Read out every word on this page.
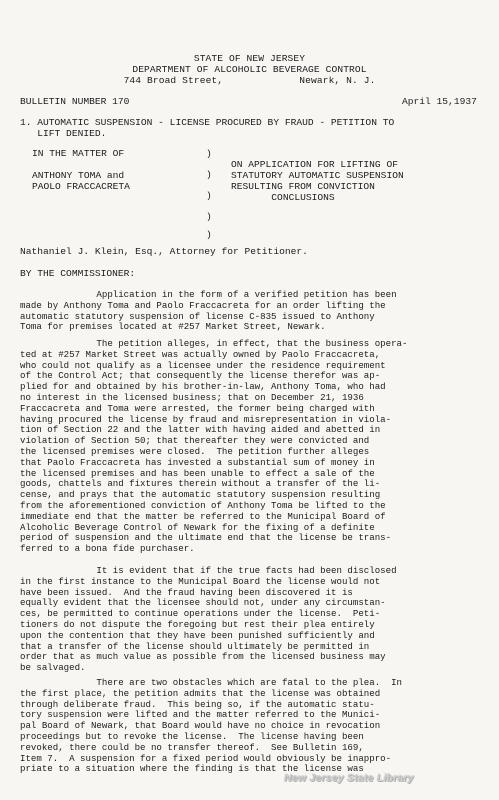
STATE OF NEW JERSEY
DEPARTMENT OF ALCOHOLIC BEVERAGE CONTROL
744 Broad Street,             Newark, N. J.
BULLETIN NUMBER 170	April 15,1937
1. AUTOMATIC SUSPENSION - LICENSE PROCURED BY FRAUD - PETITION TO
LIFT DENIED.
IN THE MATTER OF
ANTHONY TOMA and
PAOLO FRACCACRETA
)
)
)
)
)
ON APPLICATION FOR LIFTING OF
STATUTORY AUTOMATIC SUSPENSION
RESULTING FROM CONVICTION
CONCLUSIONS
Nathaniel J. Klein, Esq., Attorney for Petitioner.
BY THE COMMISSIONER:
Application in the form of a verified petition has been
made by Anthony Toma and Paolo Fraccacreta for an order lifting the
automatic statutory suspension of license C-835 issued to Anthony
Toma for premises located at #257 Market Street, Newark.
The petition alleges, in effect, that the business opera-
ted at #257 Market Street was actually owned by Paolo Fraccacreta,
who could not qualify as a licensee under the residence requirement
of the Control Act; that consequently the license therefor was ap-
plied for and obtained by his brother-in-law, Anthony Toma, who had
no interest in the licensed business; that on December 21, 1936
Fraccacreta and Toma were arrested, the former being charged with
having procured the license by fraud and misrepresentation in viola-
tion of Section 22 and the latter with having aided and abetted in
violation of Section 50; that thereafter they were convicted and
the licensed premises were closed.  The petition further alleges
that Paolo Fraccacreta has invested a substantial sum of money in
the licensed premises and has been unable to effect a sale of the
goods, chattels and fixtures therein without a transfer of the li-
cense, and prays that the automatic statutory suspension resulting
from the aforementioned conviction of Anthony Toma be lifted to the
immediate end that the matter be referred to the Municipal Board of
Alcoholic Beverage Control of Newark for the fixing of a definite
period of suspension and the ultimate end that the license be trans-
ferred to a bona fide purchaser.
It is evident that if the true facts had been disclosed
in the first instance to the Municipal Board the license would not
have been issued.  And the fraud having been discovered it is
equally evident that the licensee should not, under any circumstan-
ces, be permitted to continue operations under the license.  Peti-
tioners do not dispute the foregoing but rest their plea entirely
upon the contention that they have been punished sufficiently and
that a transfer of the license should ultimately be permitted in
order that as much value as possible from the licensed business may
be salvaged.
There are two obstacles which are fatal to the plea.  In
the first place, the petition admits that the license was obtained
through deliberate fraud.  This being so, if the automatic statu-
tory suspension were lifted and the matter referred to the Munici-
pal Board of Newark, that Board would have no choice in revocation
proceedings but to revoke the license.  The license having been
revoked, there could be no transfer thereof.  See Bulletin 169,
Item 7.  A suspension for a fixed period would obviously be inappro-
priate to a situation where the finding is that the license was
New Jersey State Library
